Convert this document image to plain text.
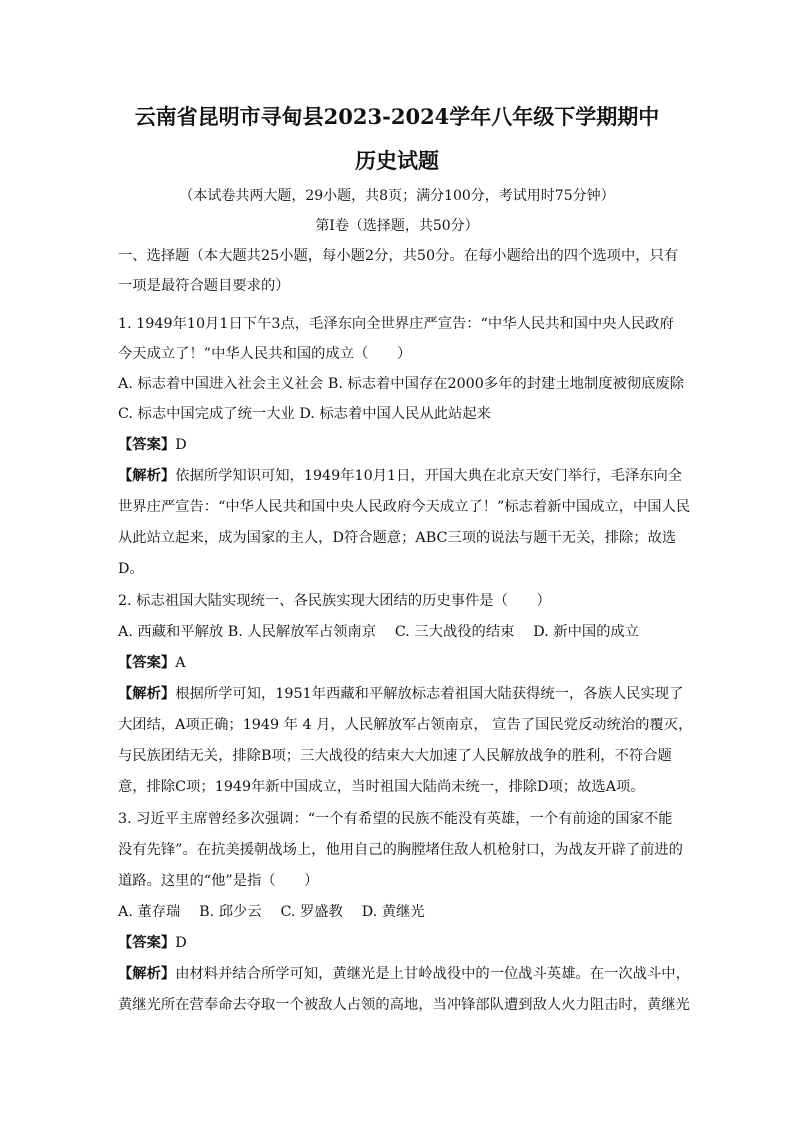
云南省昆明市寻甸县2023-2024学年八年级下学期期中
历史试题
（本试卷共两大题，29小题，共8页；满分100分，考试用时75分钟）
第Ⅰ卷（选择题，共50分）
一、选择题（本大题共25小题，每小题2分，共50分。在每小题给出的四个选项中，只有
一项是最符合题目要求的）
1. 1949年10月1日下午3点，毛泽东向全世界庄严宣告：“中华人民共和国中央人民政府
今天成立了！”中华人民共和国的成立（　　）
A. 标志着中国进入社会主义社会 B. 标志着中国存在2000多年的封建土地制度被彻底废除
C. 标志中国完成了统一大业 D. 标志着中国人民从此站起来
【答案】D
【解析】依据所学知识可知，1949年10月1日，开国大典在北京天安门举行，毛泽东向全
世界庄严宣告：“中华人民共和国中央人民政府今天成立了！”标志着新中国成立，中国人民
从此站立起来，成为国家的主人，D符合题意；ABC三项的说法与题干无关，排除；故选
D。
2. 标志祖国大陆实现统一、各民族实现大团结的历史事件是（　　）
A. 西藏和平解放 B. 人民解放军占领南京　 C. 三大战役的结束　 D. 新中国的成立
【答案】A
【解析】根据所学可知，1951年西藏和平解放标志着祖国大陆获得统一，各族人民实现了
大团结，A项正确；1949 年 4 月，人民解放军占领南京， 宣告了国民党反动统治的覆灭，
与民族团结无关，排除B项；三大战役的结束大大加速了人民解放战争的胜利，不符合题
意，排除C项；1949年新中国成立，当时祖国大陆尚未统一，排除D项；故选A项。
3. 习近平主席曾经多次强调：“一个有希望的民族不能没有英雄，一个有前途的国家不能
没有先锋”。在抗美援朝战场上，他用自己的胸膛堵住敌人机枪射口，为战友开辟了前进的
道路。这里的“他”是指（　　）
A. 董存瑞　 B. 邱少云　 C. 罗盛教　 D. 黄继光
【答案】D
【解析】由材料并结合所学可知，黄继光是上甘岭战役中的一位战斗英雄。在一次战斗中，
黄继光所在营奉命去夺取一个被敌人占领的高地，当冲锋部队遭到敌人火力阻击时，黄继光
